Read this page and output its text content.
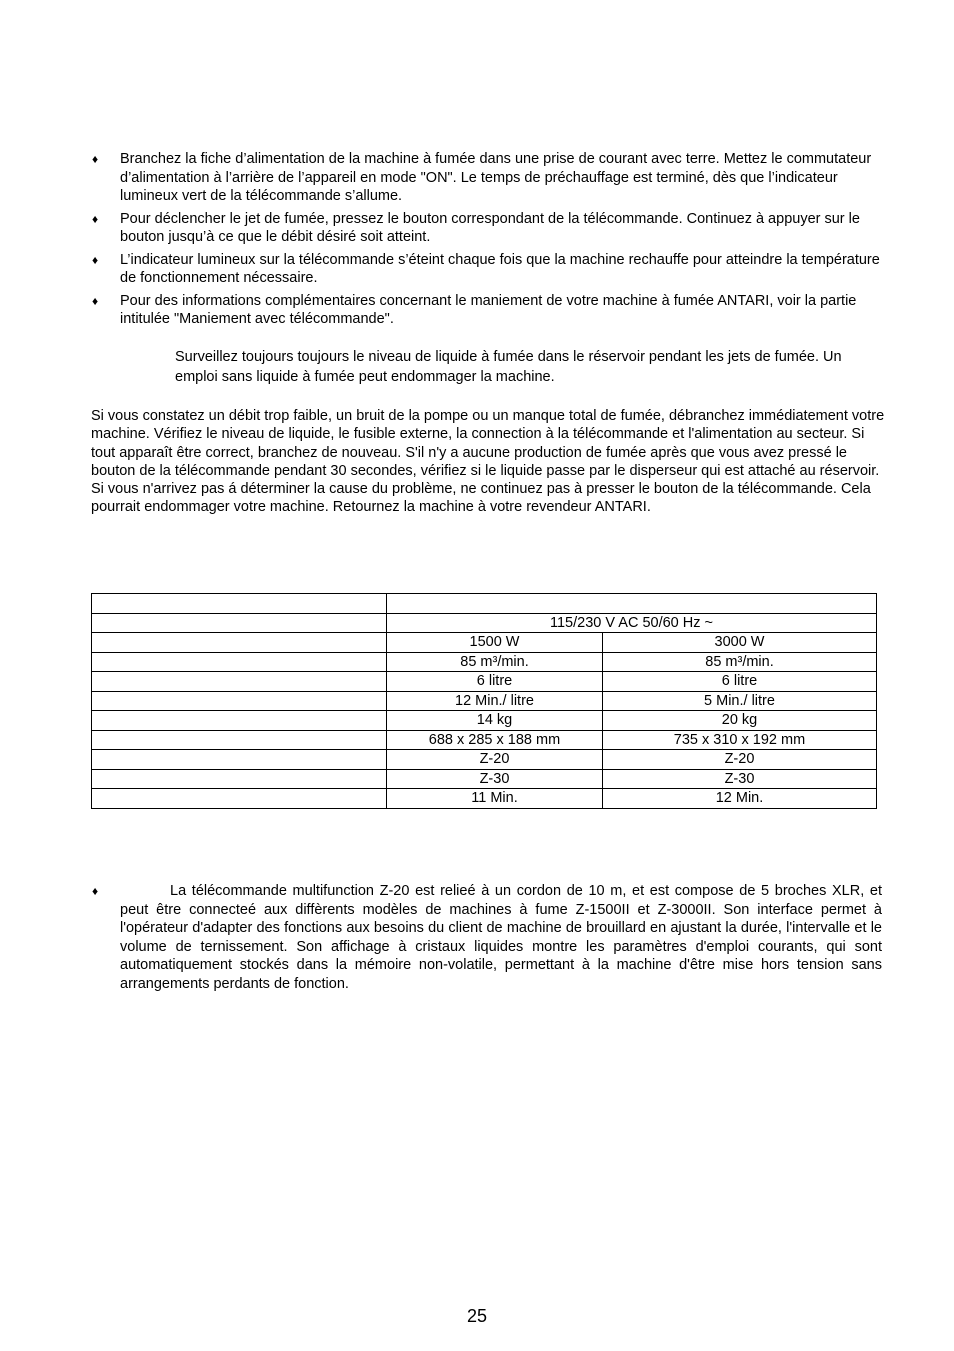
♦ Branchez la fiche d’alimentation de la machine à fumée dans une prise de courant avec terre. Mettez le commutateur d’alimentation à l’arrière de l’appareil en mode "ON". Le temps de préchauffage est terminé, dès que l’indicateur lumineux vert de la télécommande s’allume.
♦ Pour déclencher le jet de fumée, pressez le bouton correspondant de la télécommande. Continuez à appuyer sur le bouton jusqu’à ce que le débit désiré soit atteint.
♦ L’indicateur lumineux sur la télécommande s’éteint chaque fois que la machine rechauffe pour atteindre la température de fonctionnement nécessaire.
♦ Pour des informations complémentaires concernant le maniement de votre machine à fumée ANTARI, voir la partie intitulée "Maniement avec télécommande".
Surveillez toujours toujours le niveau de liquide à fumée dans le réservoir pendant les jets de fumée. Un emploi sans liquide à fumée peut endommager la machine.
Si vous constatez un débit trop faible, un bruit de la pompe ou un manque total de fumée, débranchez immédiatement votre machine. Vérifiez le niveau de liquide, le fusible externe, la connection à la télécommande et l'alimentation au secteur. Si tout apparaît être correct, branchez de nouveau. S'il n'y a aucune production de fumée après que vous avez pressé le bouton de la télécommande pendant 30 secondes, vérifiez si le liquide passe par le disperseur qui est attaché au réservoir. Si vous n'arrivez pas á déterminer la cause du problème, ne continuez pas à presser le bouton de la télécommande. Cela pourrait endommager votre machine. Retournez la machine à votre revendeur ANTARI.

	115/230 V AC 50/60 Hz ~	
	1500 W	3000 W
	85 m³/min.	85 m³/min.
	6 litre	6 litre
	12 Min./ litre	5 Min./ litre
	14 kg	20 kg
	688 x 285 x 188 mm	735 x 310 x 192 mm
	Z-20	Z-20
	Z-30	Z-30
	11 Min.	12 Min.
♦	La télécommande multifunction Z-20 est relieé à un cordon de 10 m, et est compose de 5 broches XLR, et peut être connecteé aux diffèrents modèles de machines à fume Z-1500II et Z-3000II. Son interface permet à l'opérateur d'adapter des fonctions aux besoins du client de machine de brouillard en ajustant la durée, l'intervalle et le volume de ternissement. Son affichage à cristaux liquides montre les paramètres d'emploi courants, qui sont automatiquement stockés dans la mémoire non-volatile, permettant à la machine d'être mise hors tension sans arrangements perdants de fonction.

25
